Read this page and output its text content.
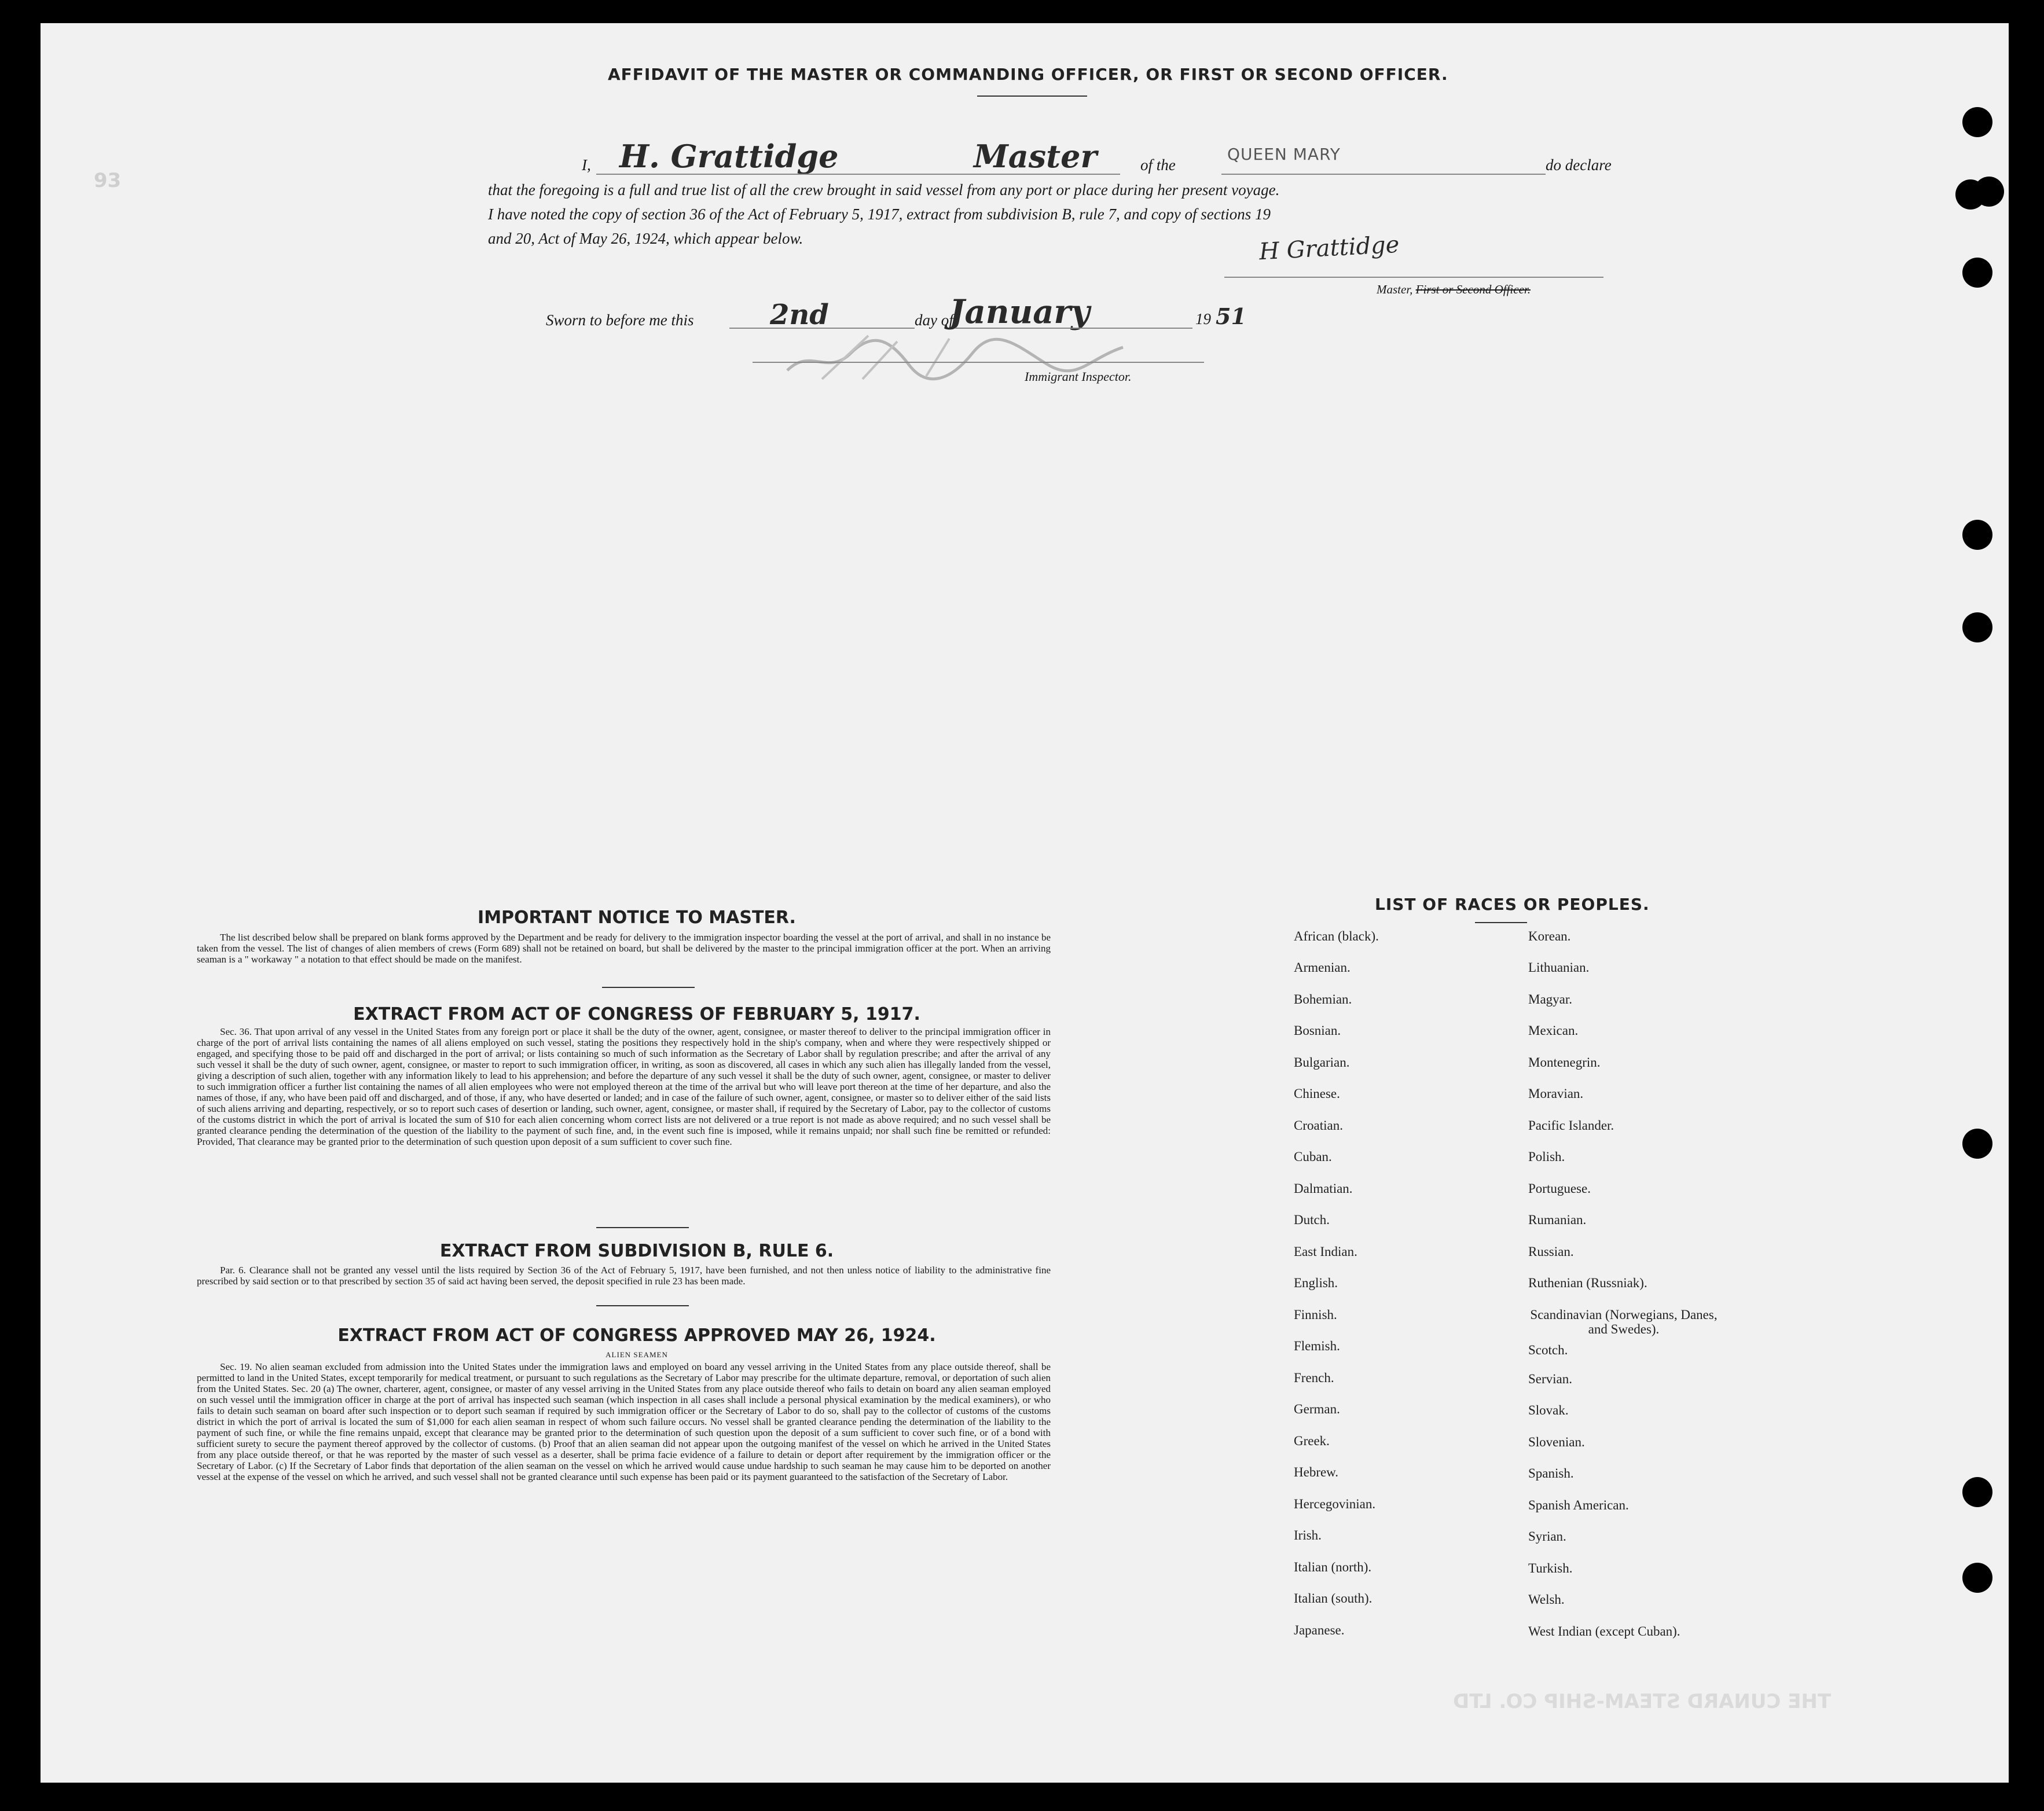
93
AFFIDAVIT OF THE MASTER OR COMMANDING OFFICER, OR FIRST OR SECOND OFFICER.
I, H. Grattidge	Master	of the
QUEEN MARY
do declare
that the foregoing is a full and true list of all the crew brought in said vessel from any port or place during her present voyage.
I have noted the copy of section 36 of the Act of February 5, 1917, extract from subdivision B, rule 7, and copy of sections 19
and 20, Act of May 26, 1924, which appear below.	H Grattidge
Master, First or Second Officer.
Sworn to before me this	2nd	day of
January	19 51
Immigrant Inspector.
IMPORTANT NOTICE TO MASTER.
The list described below shall be prepared on blank forms approved by the Department and be ready for delivery to the immigration inspector boarding the vessel at the port of arrival, and shall in no instance be taken from the vessel. The list of changes of alien members of crews (Form 689) shall not be retained on board, but shall be delivered by the master to the principal immigration officer at the port. When an arriving seaman is a " workaway " a notation to that effect should be made on the manifest.
EXTRACT FROM ACT OF CONGRESS OF FEBRUARY 5, 1917.
Sec. 36. That upon arrival of any vessel in the United States from any foreign port or place it shall be the duty of the owner, agent, consignee, or master thereof to deliver to the principal immigration officer in charge of the port of arrival lists containing the names of all aliens employed on such vessel, stating the positions they respectively hold in the ship's company, when and where they were respectively shipped or engaged, and specifying those to be paid off and discharged in the port of arrival; or lists containing so much of such information as the Secretary of Labor shall by regulation prescribe; and after the arrival of any such vessel it shall be the duty of such owner, agent, consignee, or master to report to such immigration officer, in writing, as soon as discovered, all cases in which any such alien has illegally landed from the vessel, giving a description of such alien, together with any information likely to lead to his apprehension; and before the departure of any such vessel it shall be the duty of such owner, agent, consignee, or master to deliver to such immigration officer a further list containing the names of all alien employees who were not employed thereon at the time of the arrival but who will leave port thereon at the time of her departure, and also the names of those, if any, who have been paid off and discharged, and of those, if any, who have deserted or landed; and in case of the failure of such owner, agent, consignee, or master so to deliver either of the said lists of such aliens arriving and departing, respectively, or so to report such cases of desertion or landing, such owner, agent, consignee, or master shall, if required by the Secretary of Labor, pay to the collector of customs of the customs district in which the port of arrival is located the sum of $10 for each alien concerning whom correct lists are not delivered or a true report is not made as above required; and no such vessel shall be granted clearance pending the determination of the question of the liability to the payment of such fine, and, in the event such fine is imposed, while it remains unpaid; nor shall such fine be remitted or refunded: Provided, That clearance may be granted prior to the determination of such question upon deposit of a sum sufficient to cover such fine.
EXTRACT FROM SUBDIVISION B, RULE 6.
Par. 6. Clearance shall not be granted any vessel until the lists required by Section 36 of the Act of February 5, 1917, have been furnished, and not then unless notice of liability to the administrative fine prescribed by said section or to that prescribed by section 35 of said act having been served, the deposit specified in rule 23 has been made.
EXTRACT FROM ACT OF CONGRESS APPROVED MAY 26, 1924.
ALIEN SEAMEN
Sec. 19. No alien seaman excluded from admission into the United States under the immigration laws and employed on board any vessel arriving in the United States from any place outside thereof, shall be permitted to land in the United States, except temporarily for medical treatment, or pursuant to such regulations as the Secretary of Labor may prescribe for the ultimate departure, removal, or deportation of such alien from the United States. Sec. 20 (a) The owner, charterer, agent, consignee, or master of any vessel arriving in the United States from any place outside thereof who fails to detain on board any alien seaman employed on such vessel until the immigration officer in charge at the port of arrival has inspected such seaman (which inspection in all cases shall include a personal physical examination by the medical examiners), or who fails to detain such seaman on board after such inspection or to deport such seaman if required by such immigration officer or the Secretary of Labor to do so, shall pay to the collector of customs of the customs district in which the port of arrival is located the sum of $1,000 for each alien seaman in respect of whom such failure occurs. No vessel shall be granted clearance pending the determination of the liability to the payment of such fine, or while the fine remains unpaid, except that clearance may be granted prior to the determination of such question upon the deposit of a sum sufficient to cover such fine, or of a bond with sufficient surety to secure the payment thereof approved by the collector of customs. (b) Proof that an alien seaman did not appear upon the outgoing manifest of the vessel on which he arrived in the United States from any place outside thereof, or that he was reported by the master of such vessel as a deserter, shall be prima facie evidence of a failure to detain or deport after requirement by the immigration officer or the Secretary of Labor. (c) If the Secretary of Labor finds that deportation of the alien seaman on the vessel on which he arrived would cause undue hardship to such seaman he may cause him to be deported on another vessel at the expense of the vessel on which he arrived, and such vessel shall not be granted clearance until such expense has been paid or its payment guaranteed to the satisfaction of the Secretary of Labor.
LIST OF RACES OR PEOPLES.
African (black).
Armenian.
Bohemian.
Bosnian.
Bulgarian.
Chinese.
Croatian.
Cuban.
Dalmatian.
Dutch.
East Indian.
English.
Finnish.
Flemish.
French.
German.
Greek.
Hebrew.
Hercegovinian.
Irish.
Italian (north).
Italian (south).
Japanese.
Korean.
Lithuanian.
Magyar.
Mexican.
Montenegrin.
Moravian.
Pacific Islander.
Polish.
Portuguese.
Rumanian.
Russian.
Ruthenian (Russniak).
Scandinavian (Norwegians, Danes, and Swedes).
Scotch.
Servian.
Slovak.
Slovenian.
Spanish.
Spanish American.
Syrian.
Turkish.
Welsh.
West Indian (except Cuban).
THE CUNARD STEAM-SHIP CO. LTD
